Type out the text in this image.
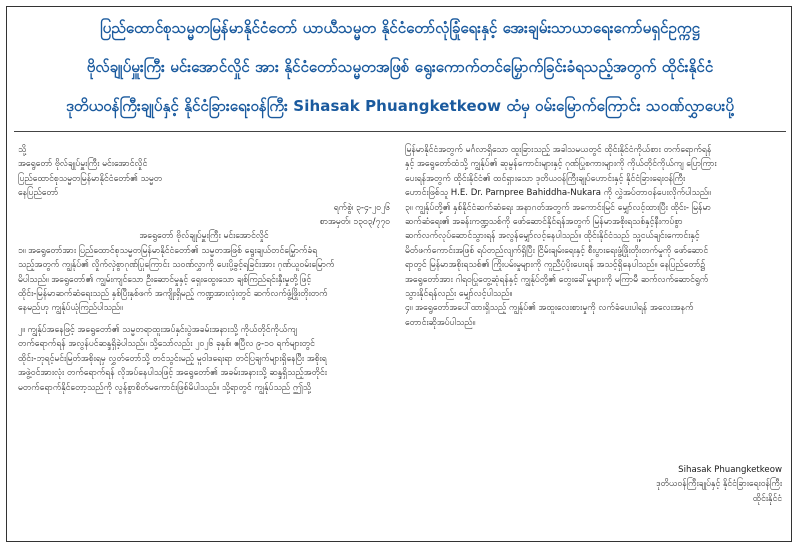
ပြည်ထောင်စုသမ္မတမြန်မာနိုင်ငံတော် ယာယီသမ္မတ နိုင်ငံတော်လုံခြုံရေးနှင့် အေးချမ်းသာယာရေးကော်မရှင်ဥက္ကဋ္ဌ
ဗိုလ်ချုပ်မှူးကြီး မင်းအောင်လှိုင် အား နိုင်ငံတော်သမ္မတအဖြစ် ရွေးကောက်တင်မြှောက်ခြင်းခံရသည့်အတွက် ထိုင်းနိုင်ငံ
ဒုတိယဝန်ကြီးချုပ်နှင့် နိုင်ငံခြားရေးဝန်ကြီး Sihasak Phuangketkeow ထံမှ ဝမ်းမြောက်ကြောင်း သဝဏ်လွှာပေးပို့

သို့

အရွေတော် ဗိုလ်ချုပ်မှူးကြီး မင်းအောင်လှိုင်

ပြည်ထောင်စုသမ္မတမြန်မာနိုင်ငံတော်၏ သမ္မတ

နေပြည်တော်

ရက်စွဲ၊ ၃-၄-၂၀၂၆

စာအမှတ်၊ ၁၃၀၃/၇၇၀

အရွေတော် ဗိုလ်ချုပ်မှူးကြီး မင်းအောင်လှိုင်

၁။ အရွေတော်အား ပြည်ထောင်စုသမ္မတမြန်မာနိုင်ငံတော်၏ သမ္မတအဖြစ် ရွေးချယ်တင်မြှောက်ခံရ

သည့်အတွက် ကျွန်ုပ်၏ လှိုက်လှဲစွာဂုဏ်ပြုကြောင်း သဝဏ်လွှာကို ပေးပို့ခွင့်ရခြင်းအား ဂုဏ်ယူဝမ်းမြောက်

မိပါသည်။ အရွေတော်၏ ကျွမ်းကျင်သော ဦးဆောင်မှုနှင့် ရှေးထွေးသော ချစ်ကြည်ရင်းနှီးမှုတို့ဖြင့်

ထိုင်း-မြန်မာဆက်ဆံရေးသည် နှစ်ပြီးနှစ်ဖက် အကျိုးရှိမည့် ကဏ္ဍအားလုံးတွင် ဆက်လက်ဖွံ့ဖြိုးတိုးတက်

နေမည်ဟု ကျွန်ုပ်ယုံကြည်ပါသည်။

၂။ ကျွန်ုပ်အနေဖြင့် အရွေတော်၏ သမ္မတရာထူးအပ်နှင်းပွဲအခမ်းအနားသို့ ကိုယ်တိုင်ကိုယ်ကျ

တက်ရောက်ရန် အလွန်ပင်ဆန္ဒရှိခဲ့ပါသည်။ သို့သော်လည်း ၂၀၂၆ ခုနှစ်၊ ဧပြီလ ၉-၁၀ ရက်များတွင်

ထိုင်း-ဘုရင့်မင်းမြတ်အစိုးရမှ လွှတ်တော်သို့ တင်သွင်းမည့် မူဝါဒရေးရာ တင်ပြချက်များရှိနေပြီး အစိုးရ

အဖွဲ့ဝင်အားလုံး တက်ရောက်ရန် လိုအပ်နေပါသဖြင့် အရွေတော်၏ အခမ်းအနားသို့ ဆန္ဒရှိသည့်အတိုင်း

မတက်ရောက်နိုင်တော့သည်ကို လွန်စွာစိတ်မကောင်းဖြစ်မိပါသည်။ သို့ရာတွင် ကျွန်ုပ်သည် ဤသို့

မြန်မာနိုင်ငံအတွက် မင်္ဂလာရှိသော ထူးခြားသည့် အခါသမယတွင် ထိုင်းနိုင်ငံကိုယ်စား တက်ရောက်ရန်

နှင့် အရွေတော်ထံသို့ ကျွန်ုပ်၏ ဆုမွန်ကောင်းများနှင့် ဂုဏ်ပြုစကားများကို ကိုယ်တိုင်ကိုယ်ကျ ပြောကြား

ပေးရန်အတွက် ထိုင်းနိုင်ငံ၏ ထင်ရှားသော ဒုတိယဝန်ကြီးချုပ်ဟောင်းနှင့် နိုင်ငံခြားရေးဝန်ကြီး

ဟောင်းဖြစ်သူ H.E. Dr. Parnpree Bahiddha-Nukara ကို လွှဲအပ်တာဝန်ပေးလိုက်ပါသည်။

၃။ ကျွန်ုပ်တို့၏ နှစ်နိုင်ငံဆက်ဆံရေး အနာဂတ်အတွက် အကောင်းမြင် မျှော်လင့်ထားပြီး ထိုင်း- မြန်မာ

ဆက်ဆံရေး၏ အခန်းကဏ္ဍသစ်ကို ဖော်ဆောင်နိုင်ရန်အတွက် မြန်မာအစိုးရသစ်နှင့်နီးကပ်စွာ

ဆက်လက်လုပ်ဆောင်သွားရန် အလွန်မျှော်လင့်နေပါသည်။ ထိုင်းနိုင်ငံသည် သူ့ငယ်ချင်းကောင်းနှင့်

မိတ်ဖက်ကောင်းအဖြစ် ရပ်တည်လျက်ရှိပြီး ငြိမ်းချမ်းရေးနှင့် စီးပွားရေးဖွံ့ဖြိုးတိုးတက်မှုကို ဖော်ဆောင်

ရာတွင် မြန်မာအစိုးရသစ်၏ ကြိုးပမ်းမှုများကို ကူညီပံ့ပိုးပေးရန် အသင့်ရှိနေပါသည်။ နေပြည်တော်၌

အရွေတော်အား ဂါရဝပြုတွေ့ဆုံရန်နှင့် ကျွန်ုပ်တို့၏ တွေးခေါ်မှုများကို မကြာမီ ဆက်လက်ဆောင်ရွက်

သွားနိုင်ရန်လည်း မျှော်လင့်ပါသည်။

၄။ အရွေတော်အပေါ်ထားရှိသည့် ကျွန်ုပ်၏ အထူးလေးစားမှုကို လက်ခံပေးပါရန် အလေးအနက်

တောင်းဆိုအပ်ပါသည်။

Sihasak Phuangketkeow

ဒုတိယဝန်ကြီးချုပ်နှင့် နိုင်ငံခြားရေးဝန်ကြီး

ထိုင်းနိုင်ငံ
